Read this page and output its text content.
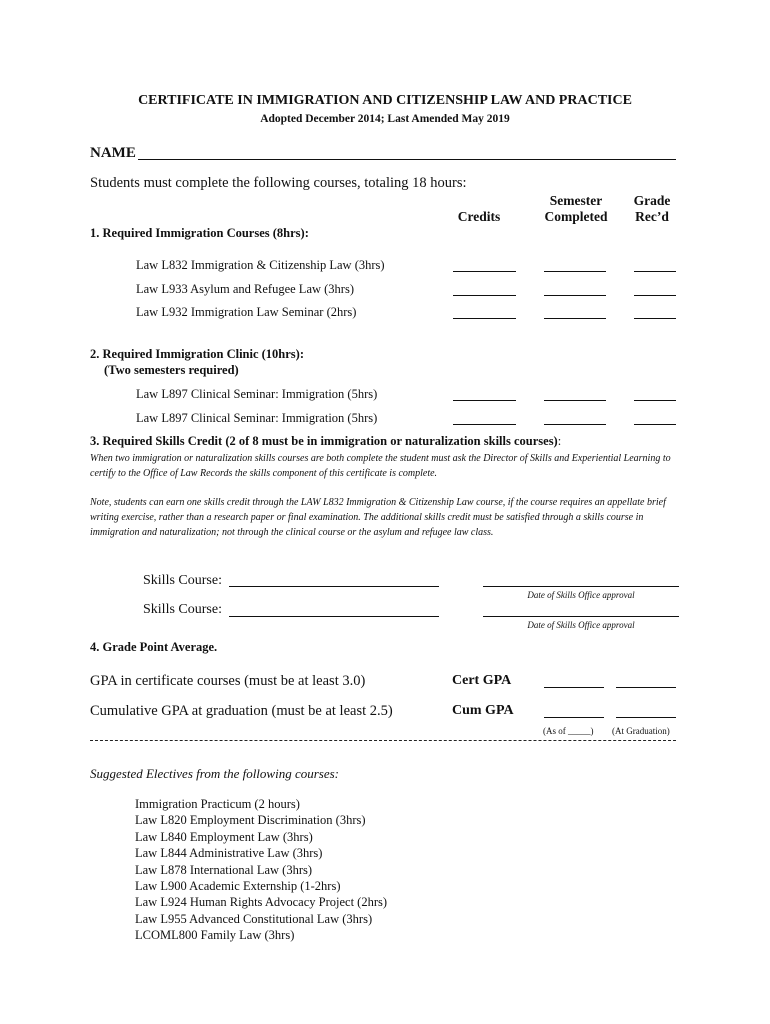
CERTIFICATE IN IMMIGRATION AND CITIZENSHIP LAW AND PRACTICE
Adopted December 2014; Last Amended May 2019
NAME
Students must complete the following courses, totaling 18 hours:
Credits
Semester
Completed
Grade
Rec’d
1. Required Immigration Courses (8hrs):
Law L832 Immigration & Citizenship Law (3hrs)
Law L933 Asylum and Refugee Law (3hrs)
Law L932 Immigration Law Seminar (2hrs)
2. Required Immigration Clinic (10hrs):
(Two semesters required)
Law L897 Clinical Seminar: Immigration (5hrs)
Law L897 Clinical Seminar: Immigration (5hrs)
3. Required Skills Credit (2 of 8 must be in immigration or naturalization skills courses):
When two immigration or naturalization skills courses are both complete the student must ask the Director of Skills and Experiential Learning to certify to the Office of Law Records the skills component of this certificate is complete.
Note, students can earn one skills credit through the LAW L832 Immigration & Citizenship Law course, if the course requires an appellate brief writing exercise, rather than a research paper or final examination. The additional skills credit must be satisfied through a skills course in immigration and naturalization; not through the clinical course or the asylum and refugee law class.
Skills Course:
Date of Skills Office approval
Skills Course:
Date of Skills Office approval
4. Grade Point Average.
GPA in certificate courses (must be at least 3.0)	Cert GPA
Cumulative GPA at graduation (must be at least 2.5)	Cum GPA
(As of _____) (At Graduation)
Suggested Electives from the following courses:
Immigration Practicum (2 hours)
Law L820 Employment Discrimination (3hrs)
Law L840 Employment Law (3hrs)
Law L844 Administrative Law (3hrs)
Law L878 International Law (3hrs)
Law L900 Academic Externship (1-2hrs)
Law L924 Human Rights Advocacy Project (2hrs)
Law L955 Advanced Constitutional Law (3hrs)
LCOML800 Family Law (3hrs)
